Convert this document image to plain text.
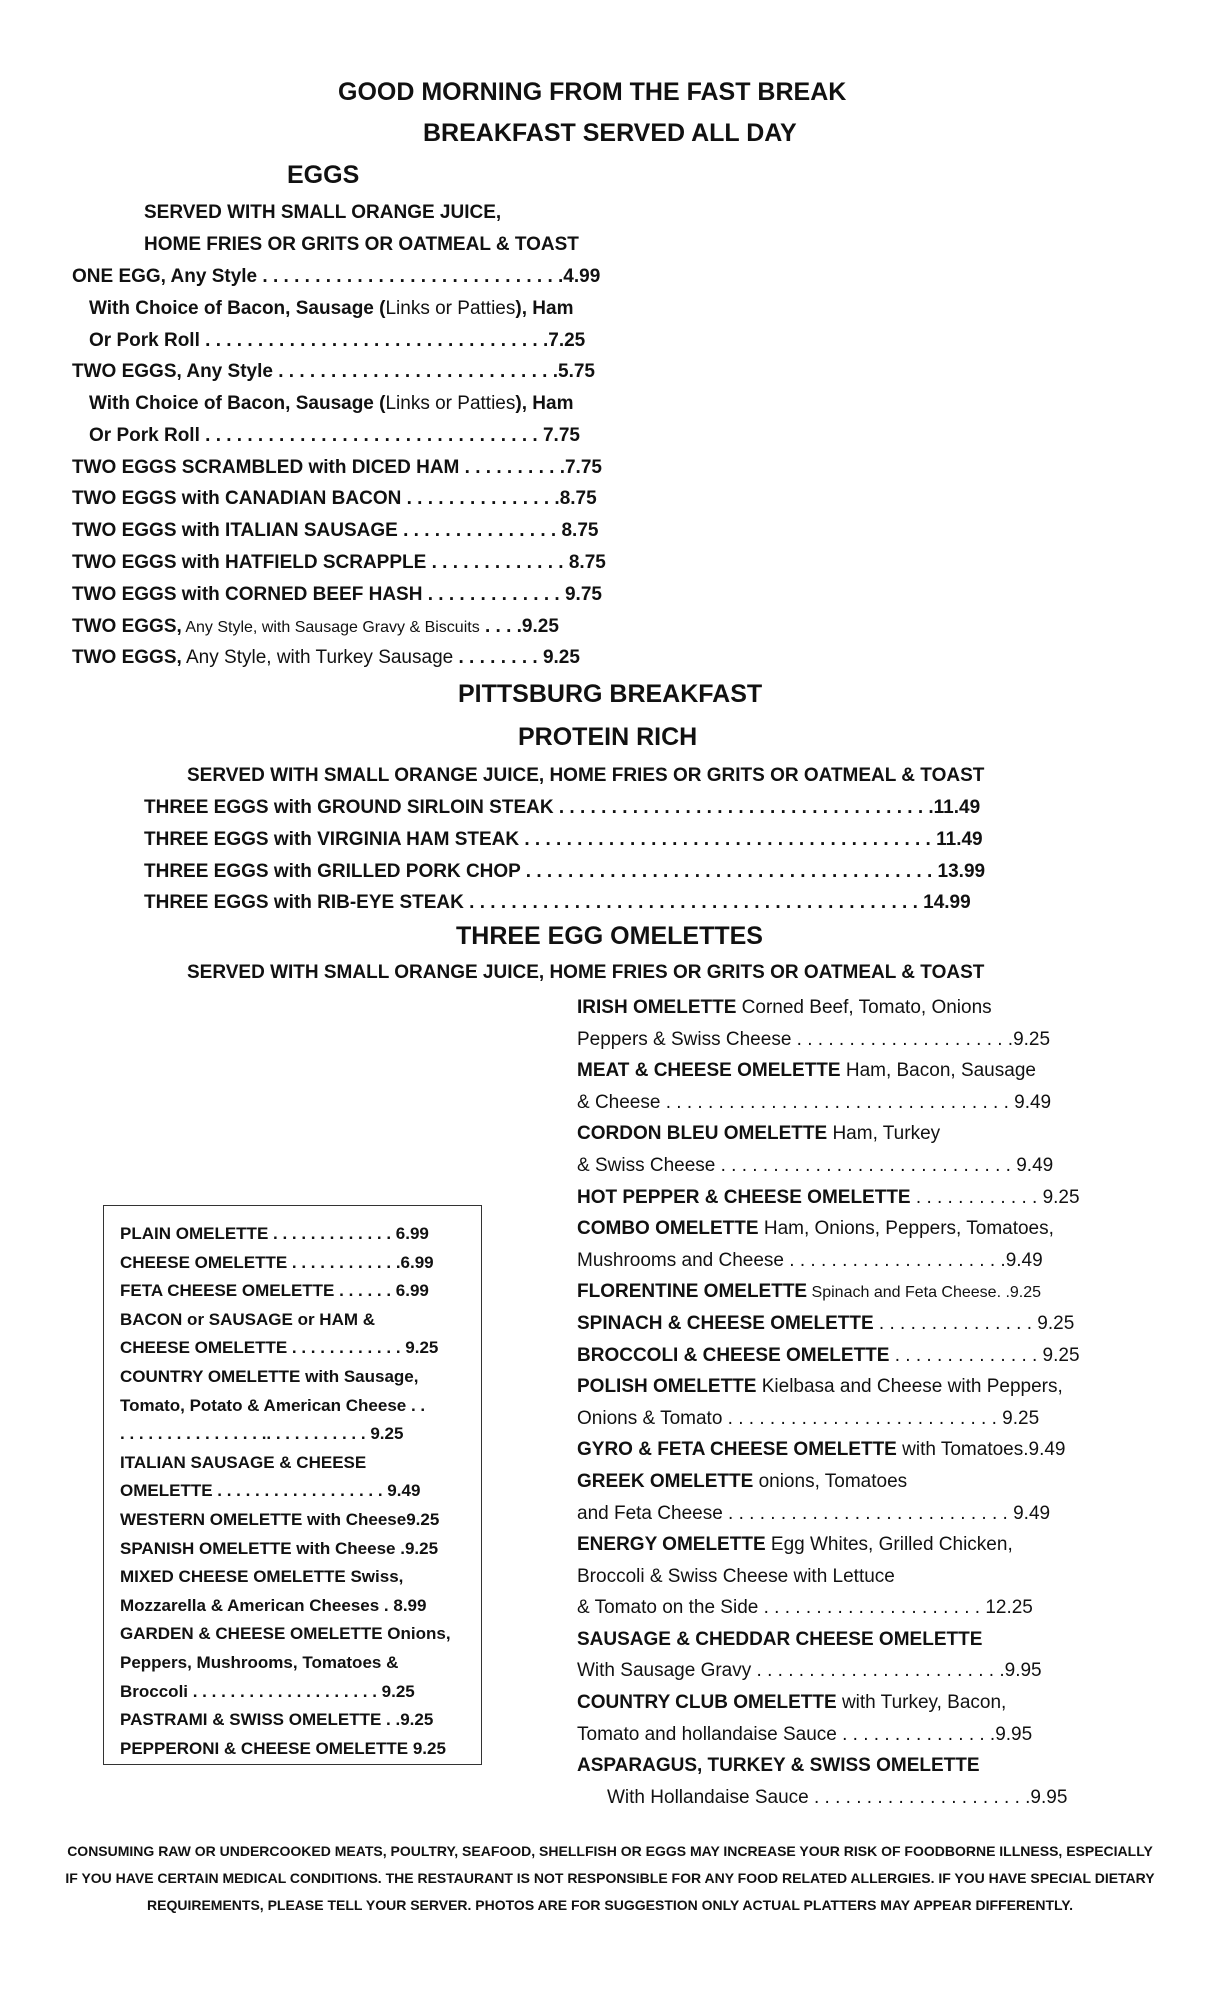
GOOD MORNING FROM THE FAST BREAK
BREAKFAST SERVED ALL DAY
EGGS
SERVED WITH SMALL ORANGE JUICE,
HOME FRIES OR GRITS OR OATMEAL & TOAST
ONE EGG, Any Style . . . . . . . . . . . . . . . . . . . . . . . . . . . . .4.99
With Choice of Bacon, Sausage (Links or Patties), Ham
Or Pork Roll . . . . . . . . . . . . . . . . . . . . . . . . . . . . . . . . .7.25
TWO EGGS, Any Style . . . . . . . . . . . . . . . . . . . . . . . . . . .5.75
With Choice of Bacon, Sausage (Links or Patties), Ham
Or Pork Roll . . . . . . . . . . . . . . . . . . . . . . . . . . . . . . . . 7.75
TWO EGGS SCRAMBLED with DICED HAM . . . . . . . . . .7.75
TWO EGGS with CANADIAN BACON . . . . . . . . . . . . . . .8.75
TWO EGGS with ITALIAN SAUSAGE . . . . . . . . . . . . . . . 8.75
TWO EGGS with HATFIELD SCRAPPLE . . . . . . . . . . . . . 8.75
TWO EGGS with CORNED BEEF HASH . . . . . . . . . . . . . 9.75
TWO EGGS, Any Style, with Sausage Gravy & Biscuits . . . .9.25
TWO EGGS, Any Style, with Turkey Sausage . . . . . . . . 9.25
PITTSBURG BREAKFAST
PROTEIN RICH
SERVED WITH SMALL ORANGE JUICE, HOME FRIES OR GRITS OR OATMEAL & TOAST
THREE EGGS with GROUND SIRLOIN STEAK . . . . . . . . . . . . . . . . . . . . . . . . . . . . . . . . . . . .11.49
THREE EGGS with VIRGINIA HAM STEAK . . . . . . . . . . . . . . . . . . . . . . . . . . . . . . . . . . . . . . . 11.49
THREE EGGS with GRILLED PORK CHOP . . . . . . . . . . . . . . . . . . . . . . . . . . . . . . . . . . . . . . . 13.99
THREE EGGS with RIB-EYE STEAK . . . . . . . . . . . . . . . . . . . . . . . . . . . . . . . . . . . . . . . . . . . 14.99
THREE EGG OMELETTES
SERVED WITH SMALL ORANGE JUICE, HOME FRIES OR GRITS OR OATMEAL & TOAST
IRISH OMELETTE Corned Beef, Tomato, Onions
Peppers & Swiss Cheese . . . . . . . . . . . . . . . . . . . . .9.25
MEAT & CHEESE OMELETTE Ham, Bacon, Sausage
& Cheese . . . . . . . . . . . . . . . . . . . . . . . . . . . . . . . . . 9.49
CORDON BLEU OMELETTE Ham, Turkey
& Swiss Cheese . . . . . . . . . . . . . . . . . . . . . . . . . . . . 9.49
HOT PEPPER & CHEESE OMELETTE . . . . . . . . . . . . 9.25
COMBO OMELETTE Ham, Onions, Peppers, Tomatoes,
Mushrooms and Cheese . . . . . . . . . . . . . . . . . . . . .9.49
FLORENTINE OMELETTE Spinach and Feta Cheese. .9.25
SPINACH & CHEESE OMELETTE . . . . . . . . . . . . . . . 9.25
BROCCOLI & CHEESE OMELETTE . . . . . . . . . . . . . . 9.25
POLISH OMELETTE Kielbasa and Cheese with Peppers,
Onions & Tomato . . . . . . . . . . . . . . . . . . . . . . . . . . 9.25
GYRO & FETA CHEESE OMELETTE with Tomatoes.9.49
GREEK OMELETTE onions, Tomatoes
and Feta Cheese . . . . . . . . . . . . . . . . . . . . . . . . . . . 9.49
ENERGY OMELETTE Egg Whites, Grilled Chicken,
Broccoli & Swiss Cheese with Lettuce
& Tomato on the Side . . . . . . . . . . . . . . . . . . . . . 12.25
SAUSAGE & CHEDDAR CHEESE OMELETTE
With Sausage Gravy . . . . . . . . . . . . . . . . . . . . . . . .9.95
COUNTRY CLUB OMELETTE with Turkey, Bacon,
Tomato and hollandaise Sauce . . . . . . . . . . . . . . .9.95
ASPARAGUS, TURKEY & SWISS OMELETTE
With Hollandaise Sauce . . . . . . . . . . . . . . . . . . . . .9.95
PLAIN OMELETTE . . . . . . . . . . . . . 6.99
CHEESE OMELETTE . . . . . . . . . . . .6.99
FETA CHEESE OMELETTE . . . . . . 6.99
BACON or SAUSAGE or HAM &
CHEESE OMELETTE . . . . . . . . . . . . 9.25
COUNTRY OMELETTE with Sausage,
Tomato, Potato & American Cheese . .
. . . . . . . . . . . . . . . .. . . . . . . . . . . 9.25
ITALIAN SAUSAGE & CHEESE
OMELETTE . . . . . . . . . . . . . . . . . . 9.49
WESTERN OMELETTE with Cheese9.25
SPANISH OMELETTE with Cheese .9.25
MIXED CHEESE OMELETTE Swiss,
Mozzarella & American Cheeses . 8.99
GARDEN & CHEESE OMELETTE Onions,
Peppers, Mushrooms, Tomatoes &
Broccoli . . . . . . . . . . . . . . . . . . . . 9.25
PASTRAMI & SWISS OMELETTE . .9.25
PEPPERONI & CHEESE OMELETTE 9.25
CONSUMING RAW OR UNDERCOOKED MEATS, POULTRY, SEAFOOD, SHELLFISH OR EGGS MAY INCREASE YOUR RISK OF FOODBORNE ILLNESS, ESPECIALLY IF YOU HAVE CERTAIN MEDICAL CONDITIONS. THE RESTAURANT IS NOT RESPONSIBLE FOR ANY FOOD RELATED ALLERGIES. IF YOU HAVE SPECIAL DIETARY REQUIREMENTS, PLEASE TELL YOUR SERVER. PHOTOS ARE FOR SUGGESTION ONLY ACTUAL PLATTERS MAY APPEAR DIFFERENTLY.
